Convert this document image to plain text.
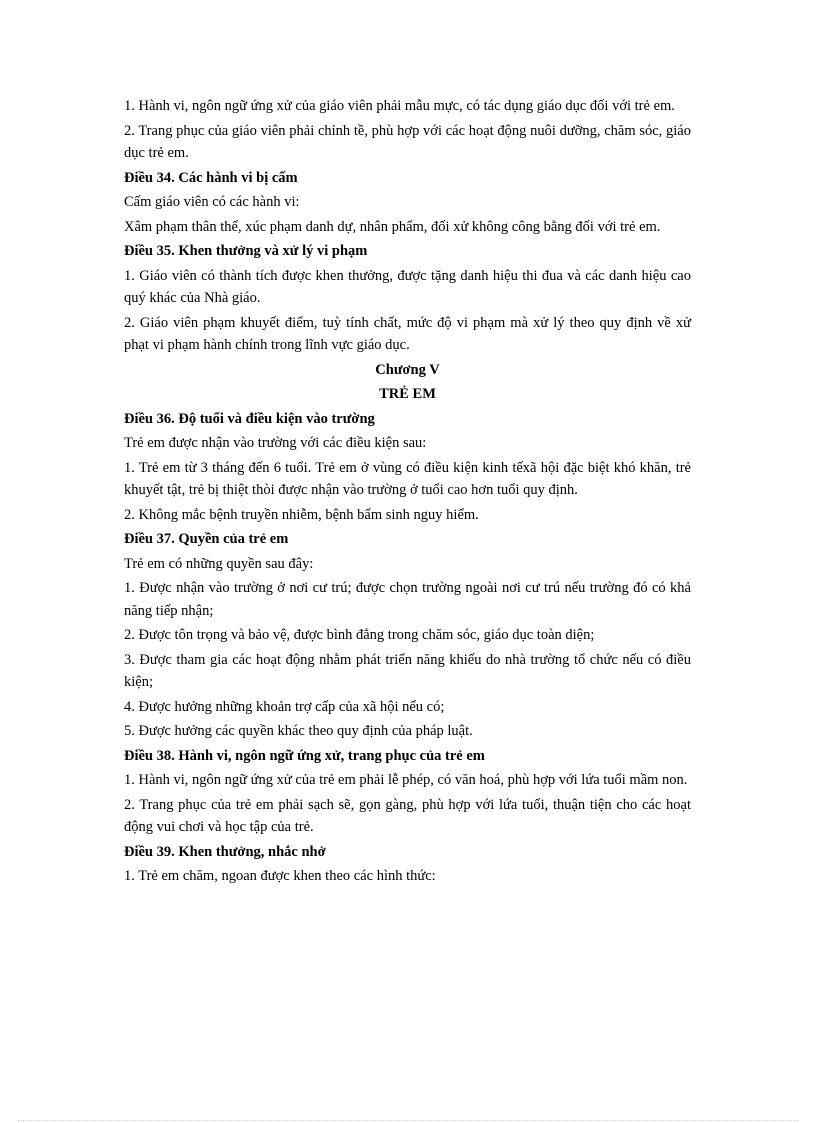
1. Hành vi, ngôn ngữ ứng xử của giáo viên phải mẫu mực, có tác dụng giáo dục đối với trẻ em.

2. Trang phục của giáo viên phải chỉnh tề, phù hợp với các hoạt động nuôi dưỡng, chăm sóc, giáo dục trẻ em.

Điều 34. Các hành vi bị cấm

Cấm giáo viên có các hành vi:

Xâm phạm thân thể, xúc phạm danh dự, nhân phẩm, đối xử không công bằng đối với trẻ em.

Điều 35. Khen thưởng và xử lý vi phạm

1. Giáo viên có thành tích được khen thưởng, được tặng danh hiệu thi đua và các danh hiệu cao quý khác của Nhà giáo.

2. Giáo viên phạm khuyết điểm, tuỳ tính chất, mức độ vi phạm mà xử lý theo quy định về xử phạt vi phạm hành chính trong lĩnh vực giáo dục.

Chương V

TRẺ EM

Điều 36. Độ tuổi và điều kiện vào trường

Trẻ em được nhận vào trường với các điều kiện sau:

1. Trẻ em từ 3 tháng đến 6 tuổi. Trẻ em ở vùng có điều kiện kinh tếxã hội đặc biệt khó khăn, trẻ khuyết tật, trẻ bị thiệt thòi được nhận vào trường ở tuổi cao hơn tuổi quy định.

2. Không mắc bệnh truyền nhiễm, bệnh bẩm sinh nguy hiểm.

Điều 37. Quyền của trẻ em

Trẻ em có những quyền sau đây:

1. Được nhận vào trường ở nơi cư trú; được chọn trường ngoài nơi cư trú nếu trường đó có khả năng tiếp nhận;

2. Được tôn trọng và bảo vệ, được bình đẳng trong chăm sóc, giáo dục toàn diện;

3. Được tham gia các hoạt động nhằm phát triển năng khiếu do nhà trường tổ chức nếu có điều kiện;

4. Được hưởng những khoản trợ cấp của xã hội nếu có;

5. Được hưởng các quyền khác theo quy định của pháp luật.

Điều 38. Hành vi, ngôn ngữ ứng xử, trang phục của trẻ em

1. Hành vi, ngôn ngữ ứng xử của trẻ em phải lễ phép, có văn hoá, phù hợp với lứa tuổi mầm non.

2. Trang phục của trẻ em phải sạch sẽ, gọn gàng, phù hợp với lứa tuổi, thuận tiện cho các hoạt động vui chơi và học tập của trẻ.

Điều 39. Khen thưởng, nhắc nhở

1. Trẻ em chăm, ngoan được khen theo các hình thức:
